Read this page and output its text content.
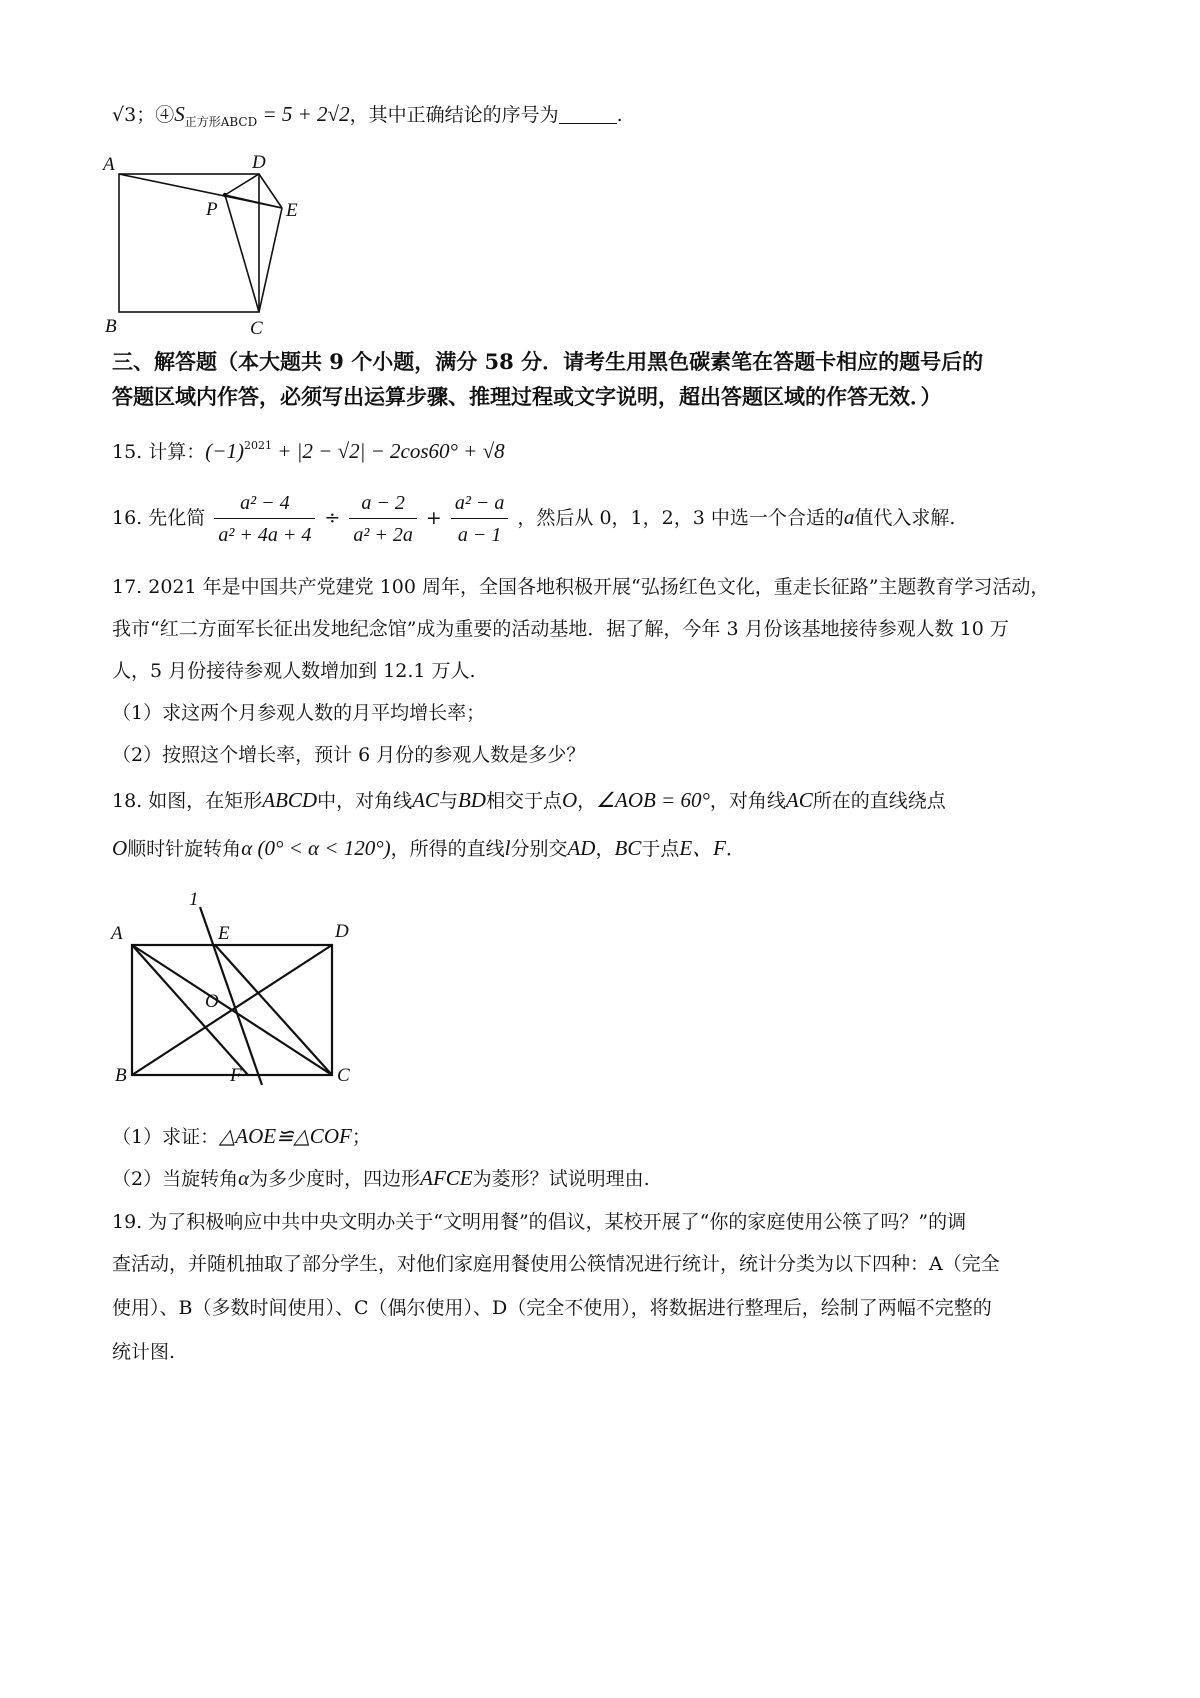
√3；$④S_{正方形ABCD} = 5 + 2√2$，其中正确结论的序号为	.
A	D
P	E
B	C
三、解答题（本大题共 9 个小题，满分 58 分．请考生用黑色碳素笔在答题卡相应的题号后的
答题区域内作答，必须写出运算步骤、推理过程或文字说明，超出答题区域的作答无效．）
15. 计算：$(-1)^{2021} + |2 - √2| - 2\cos 60^\circ + √8$
16. 先化简 $\frac{\text{a² − 4}}{\text{a² + 4a + 4}} \div \frac{a - 2}{\text{a² + 2a}} + \frac{\text{a² − a}}{a - 1}$ ，然后从 0，1，2，3 中选一个合适的a值代入求解.
17. 2021 年是中国共产党建党 100 周年，全国各地积极开展“弘扬红色文化，重走长征路”主题教育学习活动，
我市“红二方面军长征出发地纪念馆”成为重要的活动基地．据了解，今年 3 月份该基地接待参观人数 10 万
人，5 月份接待参观人数增加到 12.1 万人.
（1）求这两个月参观人数的月平均增长率；
（2）按照这个增长率，预计 6 月份的参观人数是多少？
18. 如图，在矩形ABCD中，对角线AC与BD相交于点O，∠AOB = 60°，对角线AC所在的直线绕点
O顺时针旋转角α (0° < α < 120°)，所得的直线l分别交AD，BC于点E、F．
1
A	E	D
O
B	F	C
（1）求证：△AOE≌△COF；
（2）当旋转角α为多少度时，四边形AFCE为菱形？试说明理由.
19. 为了积极响应中共中央文明办关于“文明用餐”的倡议，某校开展了“你的家庭使用公筷了吗？”的调
查活动，并随机抽取了部分学生，对他们家庭用餐使用公筷情况进行统计，统计分类为以下四种：A（完全
使用）、B（多数时间使用）、C（偶尔使用）、D（完全不使用），将数据进行整理后，绘制了两幅不完整的
统计图.
